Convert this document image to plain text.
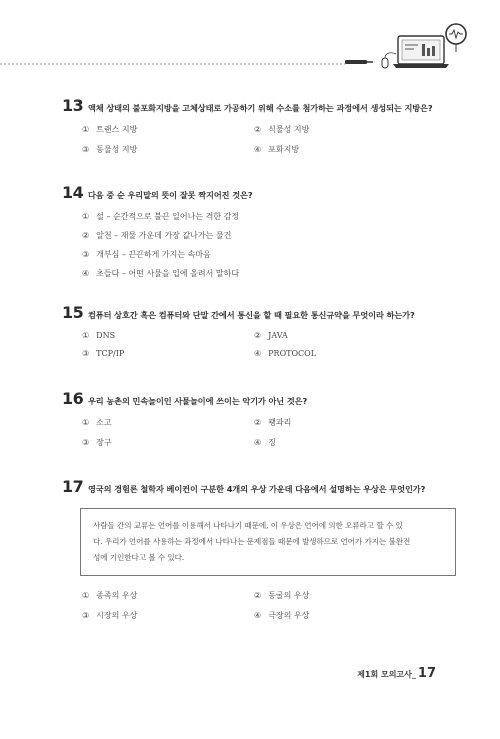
13 액체 상태의 불포화지방을 고체상태로 가공하기 위해 수소를 첨가하는 과정에서 생성되는 지방은?
① 트랜스 지방	② 식물성 지방
③ 동물성 지방	④ 포화지방
14 다음 중 순 우리말의 뜻이 잘못 짝지어진 것은?
① 설 – 순간적으로 불끈 일어나는 격한 감정
② 알천 – 재물 가운데 가장 값나가는 물건
③ 개부심 – 끈끈하게 가지는 속마음
④ 초들다 – 어떤 사물을 입에 올려서 말하다
15 컴퓨터 상호간 혹은 컴퓨터와 단말 간에서 통신을 할 때 필요한 통신규약을 무엇이라 하는가?
① DNS	② JAVA
③ TCP/IP	④ PROTOCOL
16 우리 농촌의 민속놀이인 사물놀이에 쓰이는 악기가 아닌 것은?
① 소고	② 꽹과리
③ 장구	④ 징
17 영국의 경험론 철학자 베이컨이 구분한 4개의 우상 가운데 다음에서 설명하는 우상은 무엇인가?
사람들 간의 교류는 언어를 이용해서 나타나기 때문에, 이 우상은 언어에 의한 오류라고 할 수 있
다. 우리가 언어를 사용하는 과정에서 나타나는 문제점들 때문에 발생하므로 언어가 가지는 불완전
성에 기인한다고 볼 수 있다.
① 종족의 우상	② 동굴의 우상
③ 시장의 우상	④ 극장의 우상
제1회 모의고사_ 17
